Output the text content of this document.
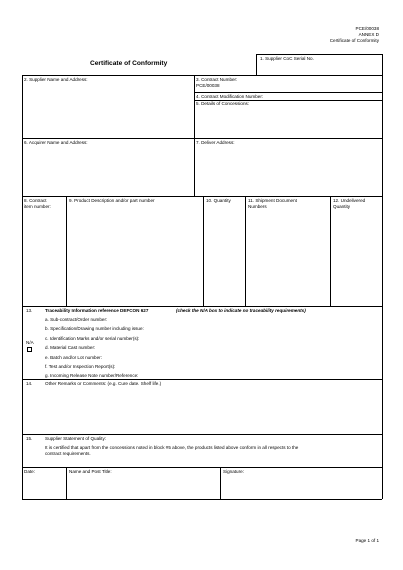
PCE/00038
ANNEX D
Certificate of Conformity
Certificate of Conformity
1. Supplier CoC Serial No.
2. Supplier Name and Address:	3. Contract Number:
PCE/00038
4. Contract Modification Number:
5. Details of Concessions:
6. Acquirer Name and Address:	7. Deliver Address:
8. Contract
item number:
9. Product Description and/or part number	10. Quantity	11. Shipment Document
Numbers
12. Undelivered
Quantity
13.	Traceability Information reference DEFCON 627	(check the N/A box to indicate no traceability requirements)
N/A
a. Sub-contract/Order number:
b. Specification/Drawing number including issue:
c. Identification Marks and/or serial number(s):
d. Material Cast number:
e. Batch and/or Lot number:
f. Test and/or Inspection Report(s):
g. Incoming Release Note number/Reference:
14.	Other Remarks or Comments: (e.g. Cure date. Shelf life.)
15.	Supplier Statement of Quality:
It is certified that apart from the concessions noted in block #5 above, the products listed above conform in all respects to the
contract requirements.
Date:	Name and Post Title:	Signature:
Page 1 of 1
